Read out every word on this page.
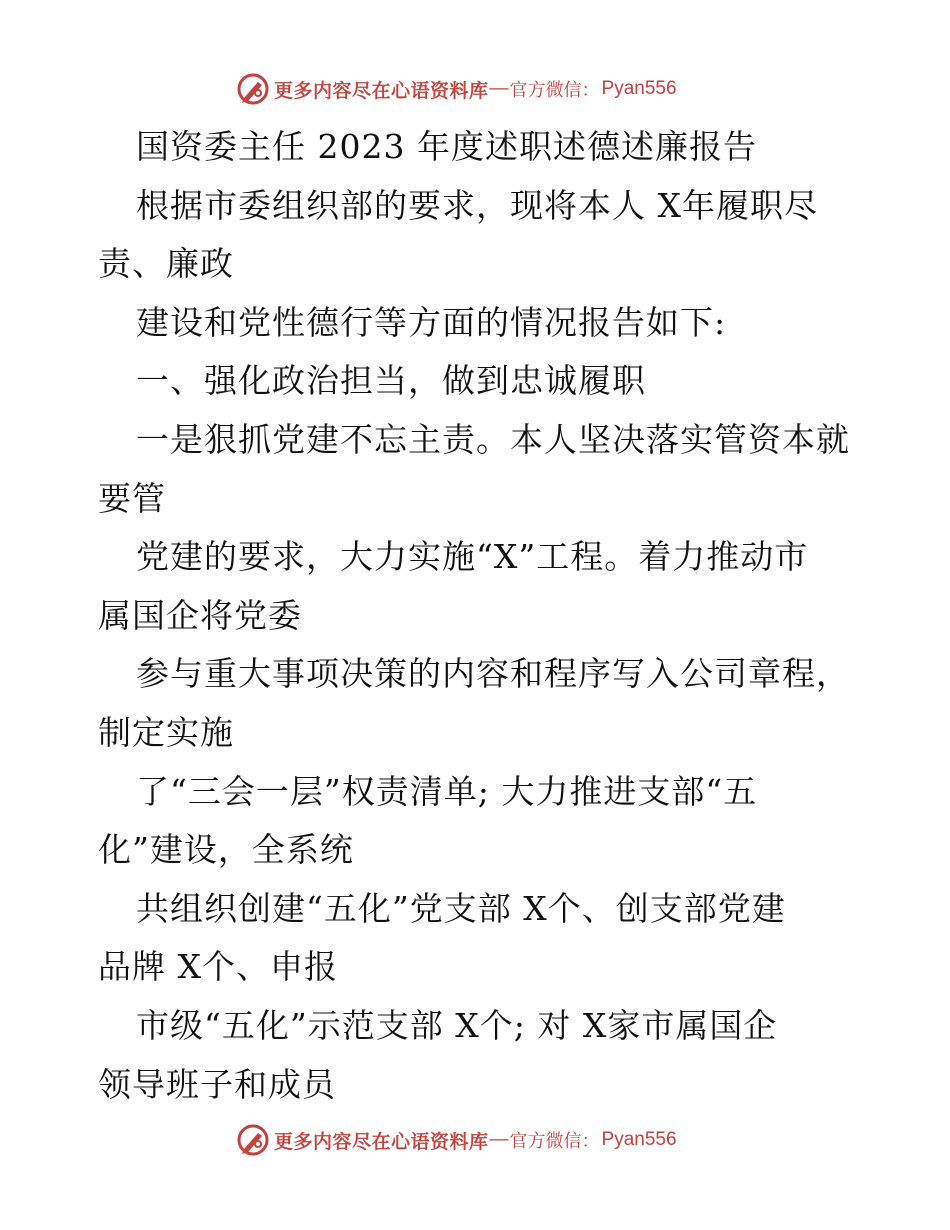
更多内容尽在心语资料库 — 官方微信： Pyan556
国资委主任 2023 年度述职述德述廉报告
根据市委组织部的要求，现将本人 X年履职尽
责、廉政
建设和党性德行等方面的情况报告如下:
一、强化政治担当，做到忠诚履职
一是狠抓党建不忘主责。本人坚决落实管资本就
要管
党建的要求，大力实施“X”工程。着力推动市
属国企将党委
参与重大事项决策的内容和程序写入公司章程，
制定实施
了“三会一层”权责清单; 大力推进支部“五
化”建设，全系统
共组织创建“五化”党支部 X个、创支部党建
品牌 X个、申报
市级“五化”示范支部 X个; 对 X家市属国企
领导班子和成员
更多内容尽在心语资料库 — 官方微信： Pyan556
